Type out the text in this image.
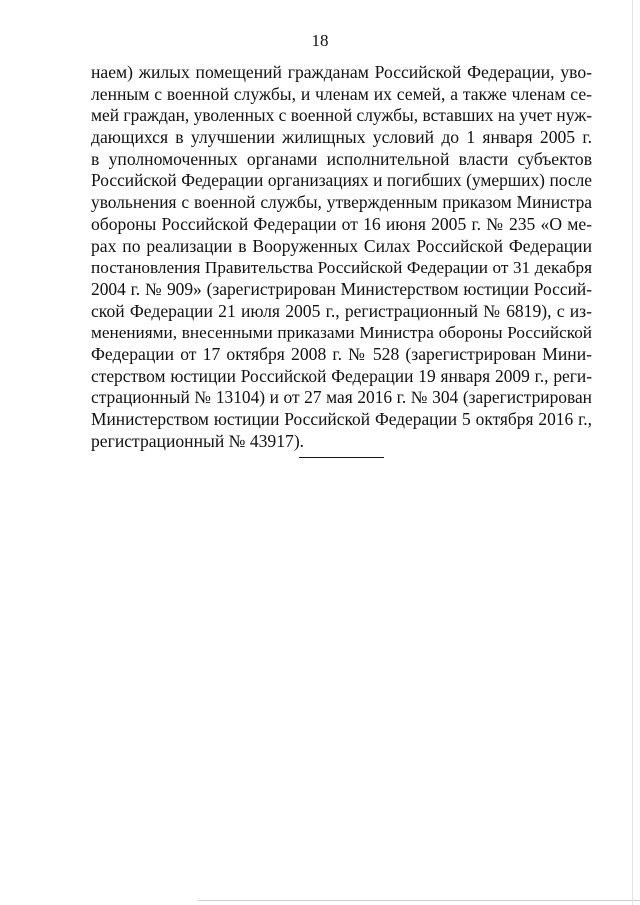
18
наем) жилых помещений гражданам Российской Федерации, уво-
ленным с военной службы, и членам их семей, а также членам се-
мей граждан, уволенных с военной службы, вставших на учет нуж-
дающихся в улучшении жилищных условий до 1 января 2005 г.
в уполномоченных органами исполнительной власти субъектов
Российской Федерации организациях и погибших (умерших) после
увольнения с военной службы, утвержденным приказом Министра
обороны Российской Федерации от 16 июня 2005 г. № 235 «О ме-
рах по реализации в Вооруженных Силах Российской Федерации
постановления Правительства Российской Федерации от 31 декабря
2004 г. № 909» (зарегистрирован Министерством юстиции Россий-
ской Федерации 21 июля 2005 г., регистрационный № 6819), с из-
менениями, внесенными приказами Министра обороны Российской
Федерации от 17 октября 2008 г. № 528 (зарегистрирован Мини-
стерством юстиции Российской Федерации 19 января 2009 г., реги-
страционный № 13104) и от 27 мая 2016 г. № 304 (зарегистрирован
Министерством юстиции Российской Федерации 5 октября 2016 г.,
регистрационный № 43917).
